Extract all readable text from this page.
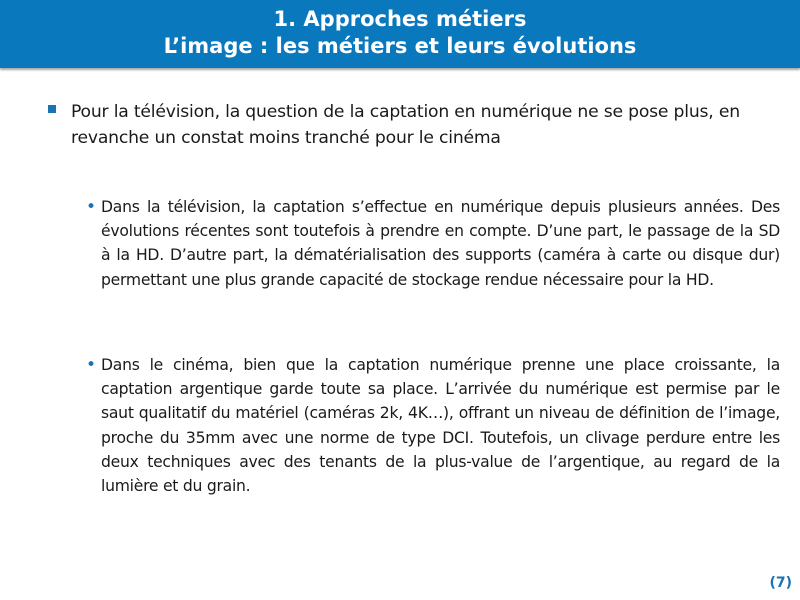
1. Approches métiers
L’image : les métiers et leurs évolutions
Pour la télévision, la question de la captation en numérique ne se pose plus, en revanche un constat moins tranché pour le cinéma
• Dans la télévision, la captation s’effectue en numérique depuis plusieurs années. Des évolutions récentes sont toutefois à prendre en compte. D’une part, le passage de la SD à la HD. D’autre part, la dématérialisation des supports (caméra à carte ou disque dur) permettant une plus grande capacité de stockage rendue nécessaire pour la HD.
• Dans le cinéma, bien que la captation numérique prenne une place croissante, la captation argentique garde toute sa place. L’arrivée du numérique est permise par le saut qualitatif du matériel (caméras 2k, 4K…), offrant un niveau de définition de l’image, proche du 35mm avec une norme de type DCI. Toutefois, un clivage perdure entre les deux techniques avec des tenants de la plus-value de l’argentique, au regard de la lumière et du grain.
(7)
